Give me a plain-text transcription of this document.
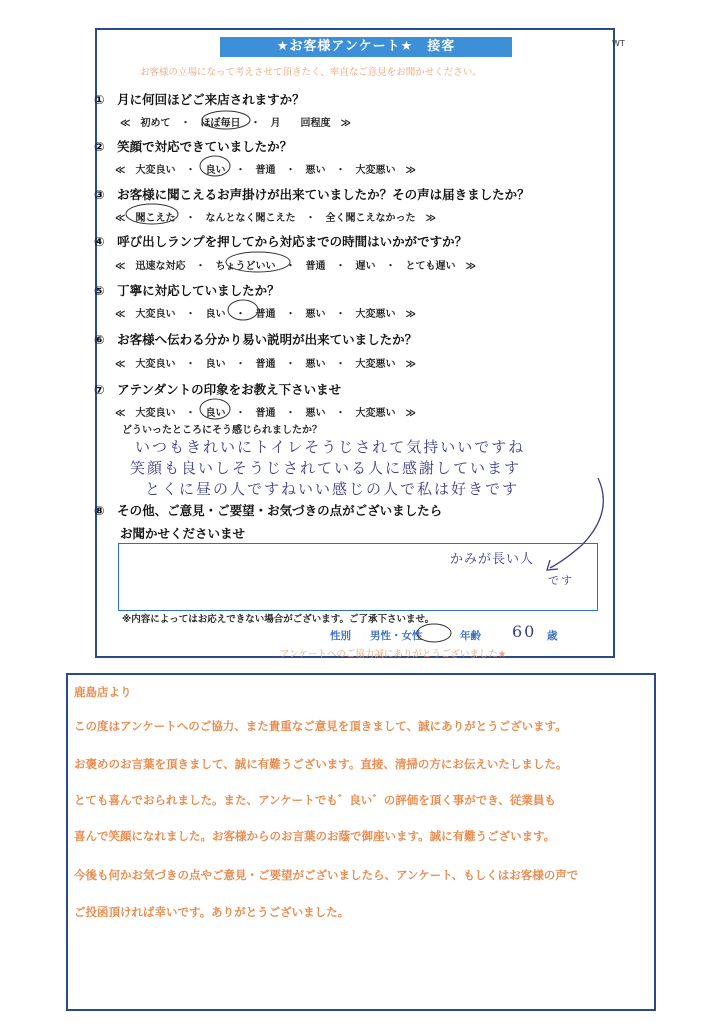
★お客様アンケート★　接客	WT
お客様の立場になって考えさせて頂きたく、率直なご意見をお聞かせください。
①　 月に何回ほどご来店されますか？
≪　初めて　・　ほぼ毎日　・　月　　回程度　≫
②　 笑顔で対応できていましたか？
≪　大変良い　・　良い　・　普通　・　悪い　・　大変悪い　≫
③　 お客様に聞こえるお声掛けが出来ていましたか？その声は届きましたか？
≪　聞こえた　・　なんとなく聞こえた　・　全く聞こえなかった　≫
④　 呼び出しランプを押してから対応までの時間はいかがですか？
≪　迅速な対応　・　ちょうどいい　・　普通　・　遅い　・　とても遅い　≫
⑤　 丁寧に対応していましたか？
≪　大変良い　・　良い　・　普通　・　悪い　・　大変悪い　≫
⑥　 お客様へ伝わる分かり易い説明が出来ていましたか？
≪　大変良い　・　良い　・　普通　・　悪い　・　大変悪い　≫
⑦　 アテンダントの印象をお教え下さいませ
≪　大変良い　・　良い　・　普通　・　悪い　・　大変悪い　≫
どういったところにそう感じられましたか？
いつもきれいにトイレそうじされて気持いいですね
笑顔も良いしそうじされている人に感謝しています
とくに昼の人ですねいい感じの人で私は好きです
⑧　 その他、ご意見・ご要望・お気づきの点がございましたら
お聞かせくださいませ
かみが長い人
です
※内容によってはお応えできない場合がございます。ご了承下さいませ。
性別 男性・女性	年齢 60 歳
アンケートへのご協力誠にありがとうございました★
鹿島店より
この度はアンケートへのご協力、また貴重なご意見を頂きまして、誠にありがとうございます。
お褒めのお言葉を頂きまして、誠に有難うございます。直接、清掃の方にお伝えいたしました。
とても喜んでおられました。また、アンケートでも゛良い゛の評価を頂く事ができ、従業員も
喜んで笑顔になれました。お客様からのお言葉のお蔭で御座います。誠に有難うございます。
今後も何かお気づきの点やご意見・ご要望がございましたら、アンケート、もしくはお客様の声で
ご投函頂ければ幸いです。ありがとうございました。
